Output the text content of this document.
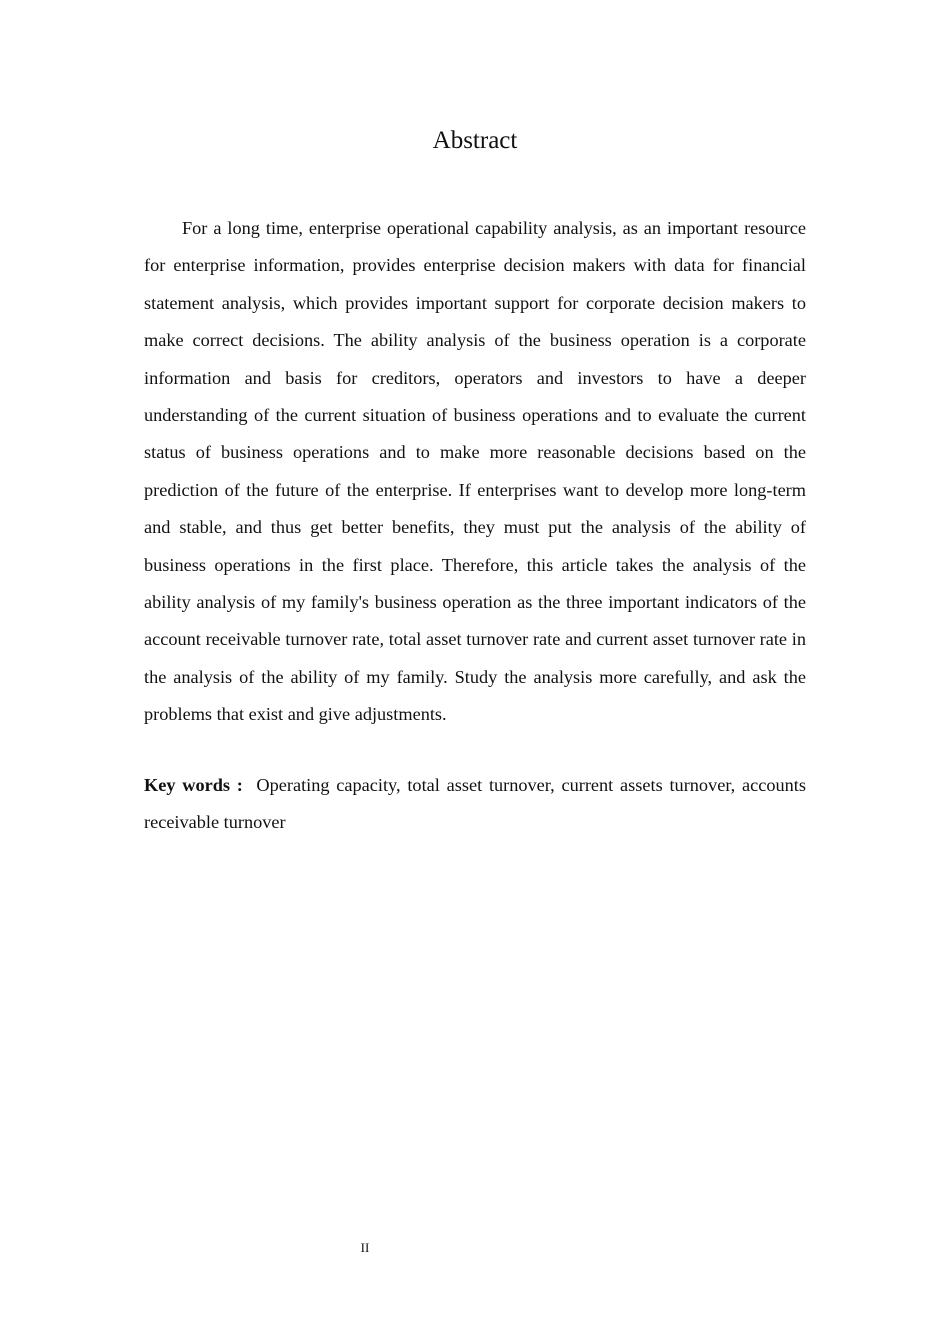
Abstract

For a long time, enterprise operational capability analysis, as an important resource for enterprise information, provides enterprise decision makers with data for financial statement analysis, which provides important support for corporate decision makers to make correct decisions. The ability analysis of the business operation is a corporate information and basis for creditors, operators and investors to have a deeper understanding of the current situation of business operations and to evaluate the current status of business operations and to make more reasonable decisions based on the prediction of the future of the enterprise. If enterprises want to develop more long-term and stable, and thus get better benefits, they must put the analysis of the ability of business operations in the first place. Therefore, this article takes the analysis of the ability analysis of my family's business operation as the three important indicators of the account receivable turnover rate, total asset turnover rate and current asset turnover rate in the analysis of the ability of my family. Study the analysis more carefully, and ask the problems that exist and give adjustments.

Key words :  Operating capacity, total asset turnover, current assets turnover, accounts receivable turnover

II
